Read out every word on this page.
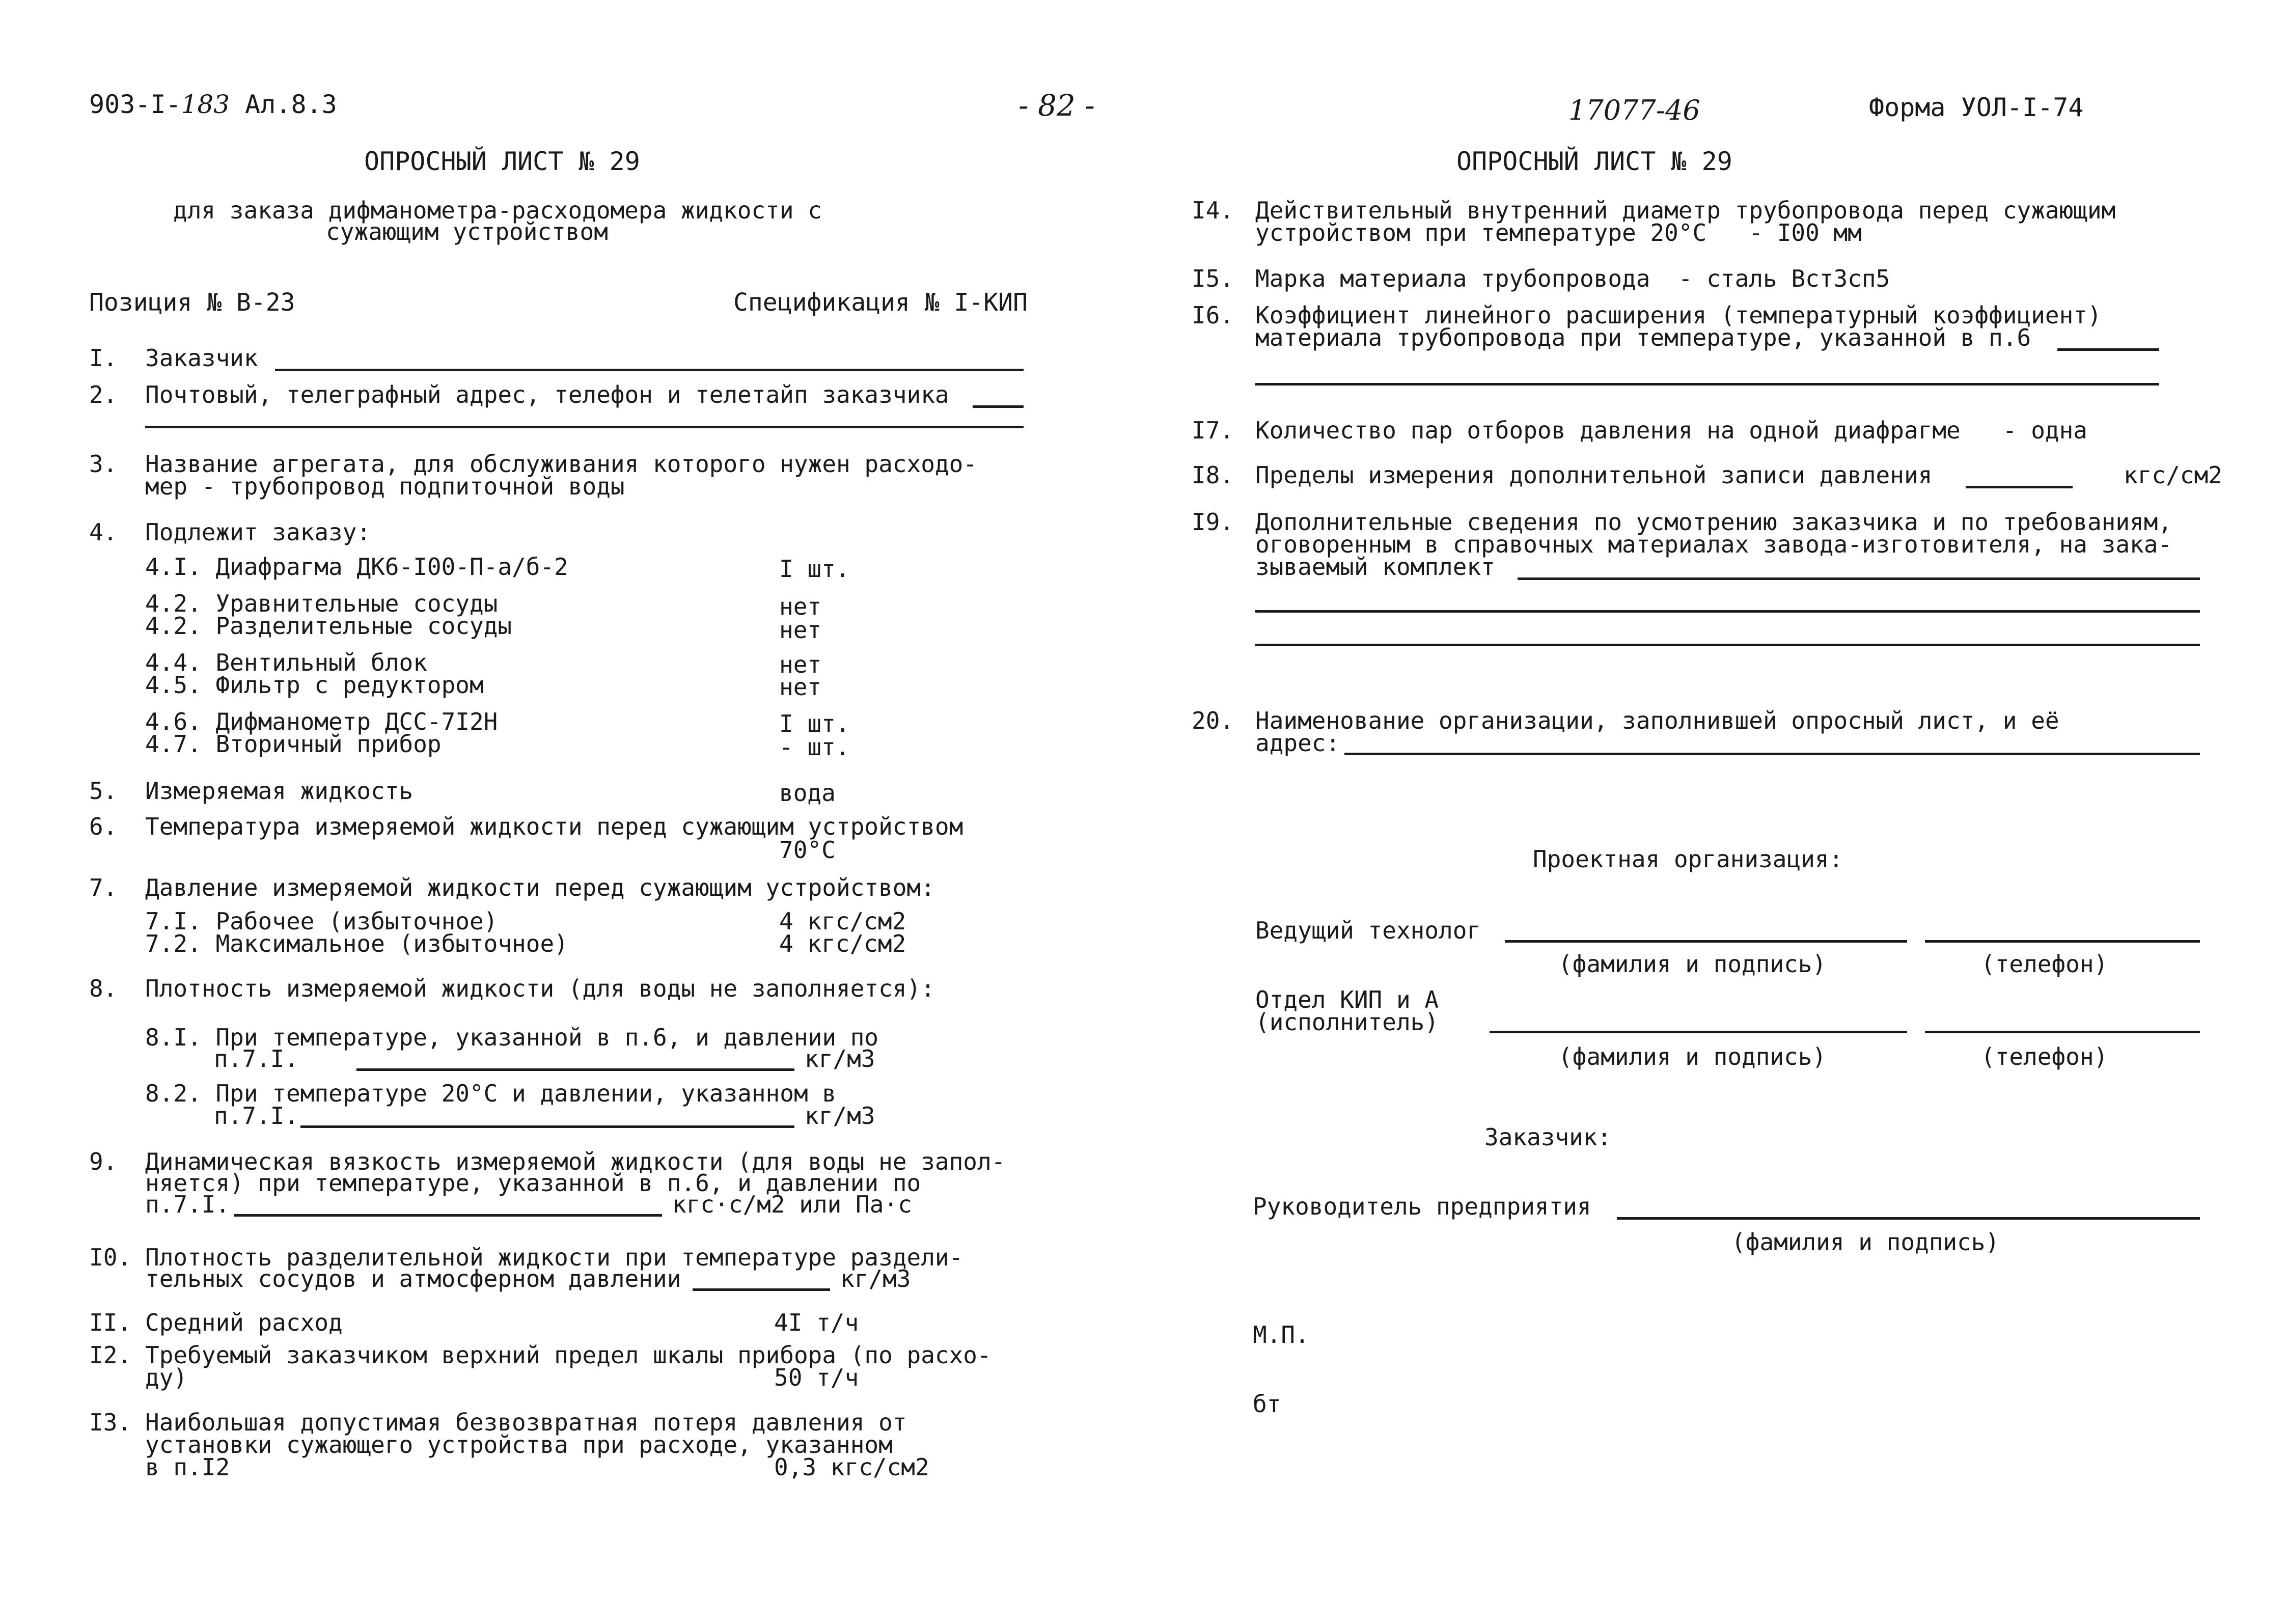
903-I-183 Ал.8.3	- 82 -	17077-46	Форма УОЛ-I-74
ОПРОСНЫЙ ЛИСТ № 29
для заказа дифманометра-расходомера жидкости с
сужающим устройством
Позиция № В-23	Спецификация № I-КИП
I. Заказчик
2. Почтовый, телеграфный адрес, телефон и телетайп заказчика
3. Название агрегата, для обслуживания которого нужен расходо-
мер - трубопровод подпиточной воды
4. Подлежит заказу:
4.I. Диафрагма ДК6-I00-П-а/б-2	I шт.
4.2. Уравнительные сосуды	нет
4.2. Разделительные сосуды	нет
4.4. Вентильный блок	нет
4.5. Фильтр с редуктором	нет
4.6. Дифманометр ДСС-7I2Н	I шт.
4.7. Вторичный прибор	- шт.
5. Измеряемая жидкость	вода
6. Температура измеряемой жидкости перед сужающим устройством
70°С
7. Давление измеряемой жидкости перед сужающим устройством:
7.I. Рабочее (избыточное)	4 кгс/см2
7.2. Максимальное (избыточное)	4 кгс/см2
8. Плотность измеряемой жидкости (для воды не заполняется):
8.I. При температуре, указанной в п.6, и давлении по
п.7.I.	кг/м3
8.2. При температуре 20°С и давлении, указанном в
п.7.I.	кг/м3
9. Динамическая вязкость измеряемой жидкости (для воды не запол-
няется) при температуре, указанной в п.6, и давлении по
п.7.I.	кгс·с/м2 или Па·с
I0. Плотность разделительной жидкости при температуре раздели-
тельных сосудов и атмосферном давлении	кг/м3
II. Средний расход	4I т/ч
I2. Требуемый заказчиком верхний предел шкалы прибора (по расхо-
ду)	50 т/ч
I3. Наибольшая допустимая безвозвратная потеря давления от
установки сужающего устройства при расходе, указанном
в п.I2	0,3 кгс/см2
ОПРОСНЫЙ ЛИСТ № 29
I4. Действительный внутренний диаметр трубопровода перед сужающим
устройством при температуре 20°С   - I00 мм
I5. Марка материала трубопровода  - сталь ВстЗсп5
I6. Коэффициент линейного расширения (температурный коэффициент)
материала трубопровода при температуре, указанной в п.6
I7. Количество пар отборов давления на одной диафрагме   - одна
I8. Пределы измерения дополнительной записи давления	кгс/см2
I9. Дополнительные сведения по усмотрению заказчика и по требованиям,
оговоренным в справочных материалах завода-изготовителя, на зака-
зываемый комплект
20. Наименование организации, заполнившей опросный лист, и её
адрес:
Проектная организация:
Ведущий технолог
(фамилия и подпись)	(телефон)
Отдел КИП и А
(исполнитель)
(фамилия и подпись)	(телефон)
Заказчик:
Руководитель предприятия
(фамилия и подпись)
М.П.
бт
